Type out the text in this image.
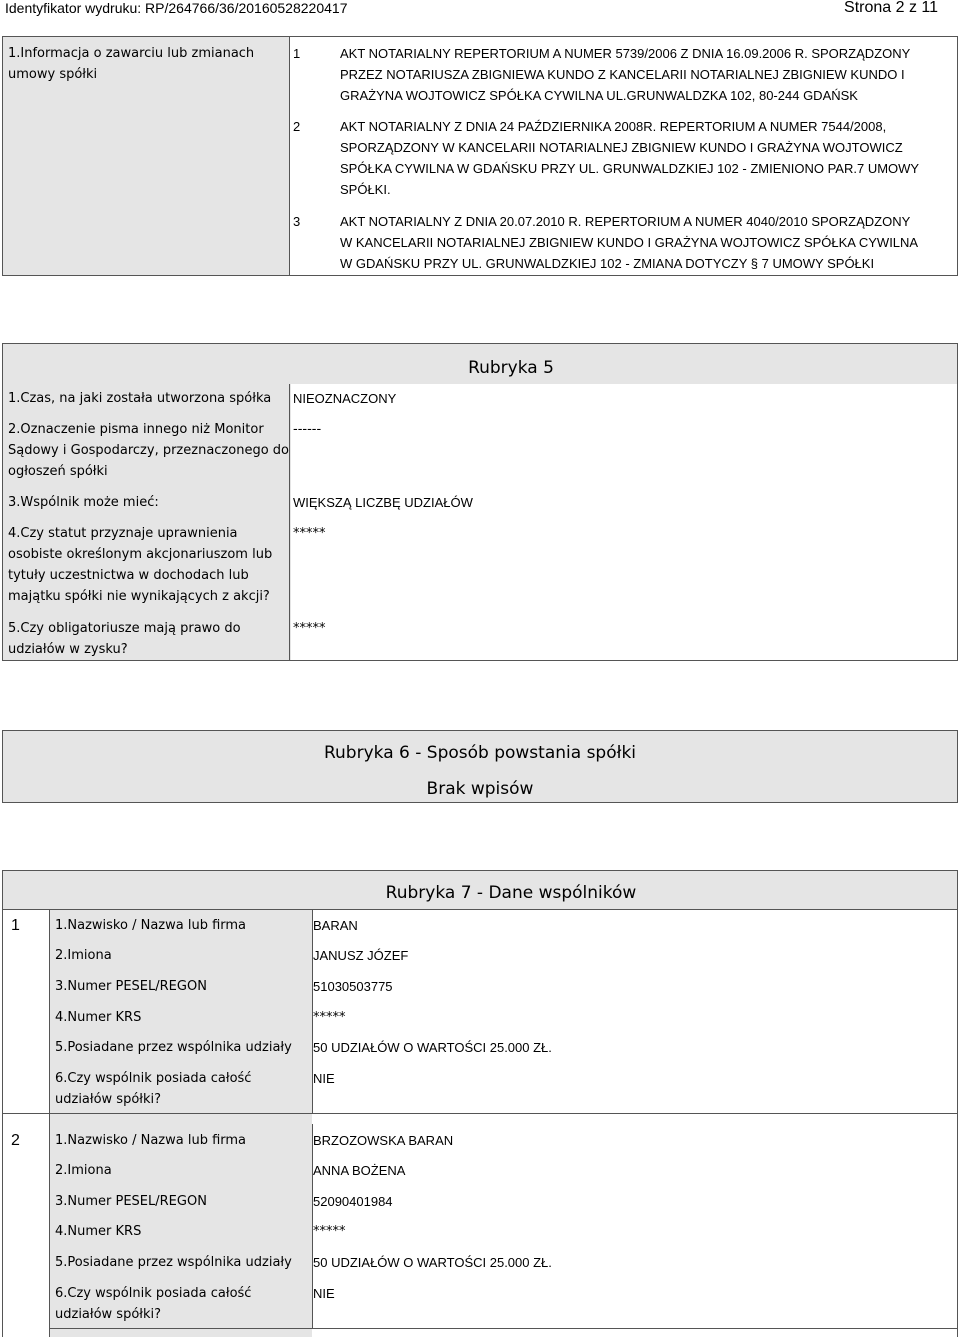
Identyfikator wydruku: RP/264766/36/20160528220417	Strona 2 z 11
1.Informacja o zawarciu lub zmianach
umowy spółki
1	AKT NOTARIALNY REPERTORIUM A NUMER 5739/2006 Z DNIA 16.09.2006 R. SPORZĄDZONY
PRZEZ NOTARIUSZA ZBIGNIEWA KUNDO Z KANCELARII NOTARIALNEJ ZBIGNIEW KUNDO I
GRAŻYNA WOJTOWICZ SPÓŁKA CYWILNA UL.GRUNWALDZKA 102, 80-244 GDAŃSK
2	AKT NOTARIALNY Z DNIA 24 PAŹDZIERNIKA 2008R. REPERTORIUM A NUMER 7544/2008,
SPORZĄDZONY W KANCELARII NOTARIALNEJ ZBIGNIEW KUNDO I GRAŻYNA WOJTOWICZ
SPÓŁKA CYWILNA W GDAŃSKU PRZY UL. GRUNWALDZKIEJ 102 - ZMIENIONO PAR.7 UMOWY
SPÓŁKI.
3	AKT NOTARIALNY Z DNIA 20.07.2010 R. REPERTORIUM A NUMER 4040/2010 SPORZĄDZONY
W KANCELARII NOTARIALNEJ ZBIGNIEW KUNDO I GRAŻYNA WOJTOWICZ SPÓŁKA CYWILNA
W GDAŃSKU PRZY UL. GRUNWALDZKIEJ 102 - ZMIANA DOTYCZY § 7 UMOWY SPÓŁKI
Rubryka 5
1.Czas, na jaki została utworzona spółka	NIEOZNACZONY
2.Oznaczenie pisma innego niż Monitor
Sądowy i Gospodarczy, przeznaczonego do
ogłoszeń spółki
------
3.Wspólnik może mieć:	WIĘKSZĄ LICZBĘ UDZIAŁÓW
4.Czy statut przyznaje uprawnienia
osobiste określonym akcjonariuszom lub
tytuły uczestnictwa w dochodach lub
majątku spółki nie wynikających z akcji?
*****
5.Czy obligatoriusze mają prawo do
udziałów w zysku?
*****
Rubryka 6 - Sposób powstania spółki
Brak wpisów
Rubryka 7 - Dane wspólników
1	1.Nazwisko / Nazwa lub firma	BARAN
2.Imiona	JANUSZ JÓZEF
3.Numer PESEL/REGON	51030503775
4.Numer KRS	*****
5.Posiadane przez wspólnika udziały	50 UDZIAŁÓW O WARTOŚCI 25.000 ZŁ.
6.Czy wspólnik posiada całość
udziałów spółki?
NIE
2	1.Nazwisko / Nazwa lub firma	BRZOZOWSKA BARAN
2.Imiona	ANNA BOŻENA
3.Numer PESEL/REGON	52090401984
4.Numer KRS	*****
5.Posiadane przez wspólnika udziały	50 UDZIAŁÓW O WARTOŚCI 25.000 ZŁ.
6.Czy wspólnik posiada całość
udziałów spółki?
NIE
